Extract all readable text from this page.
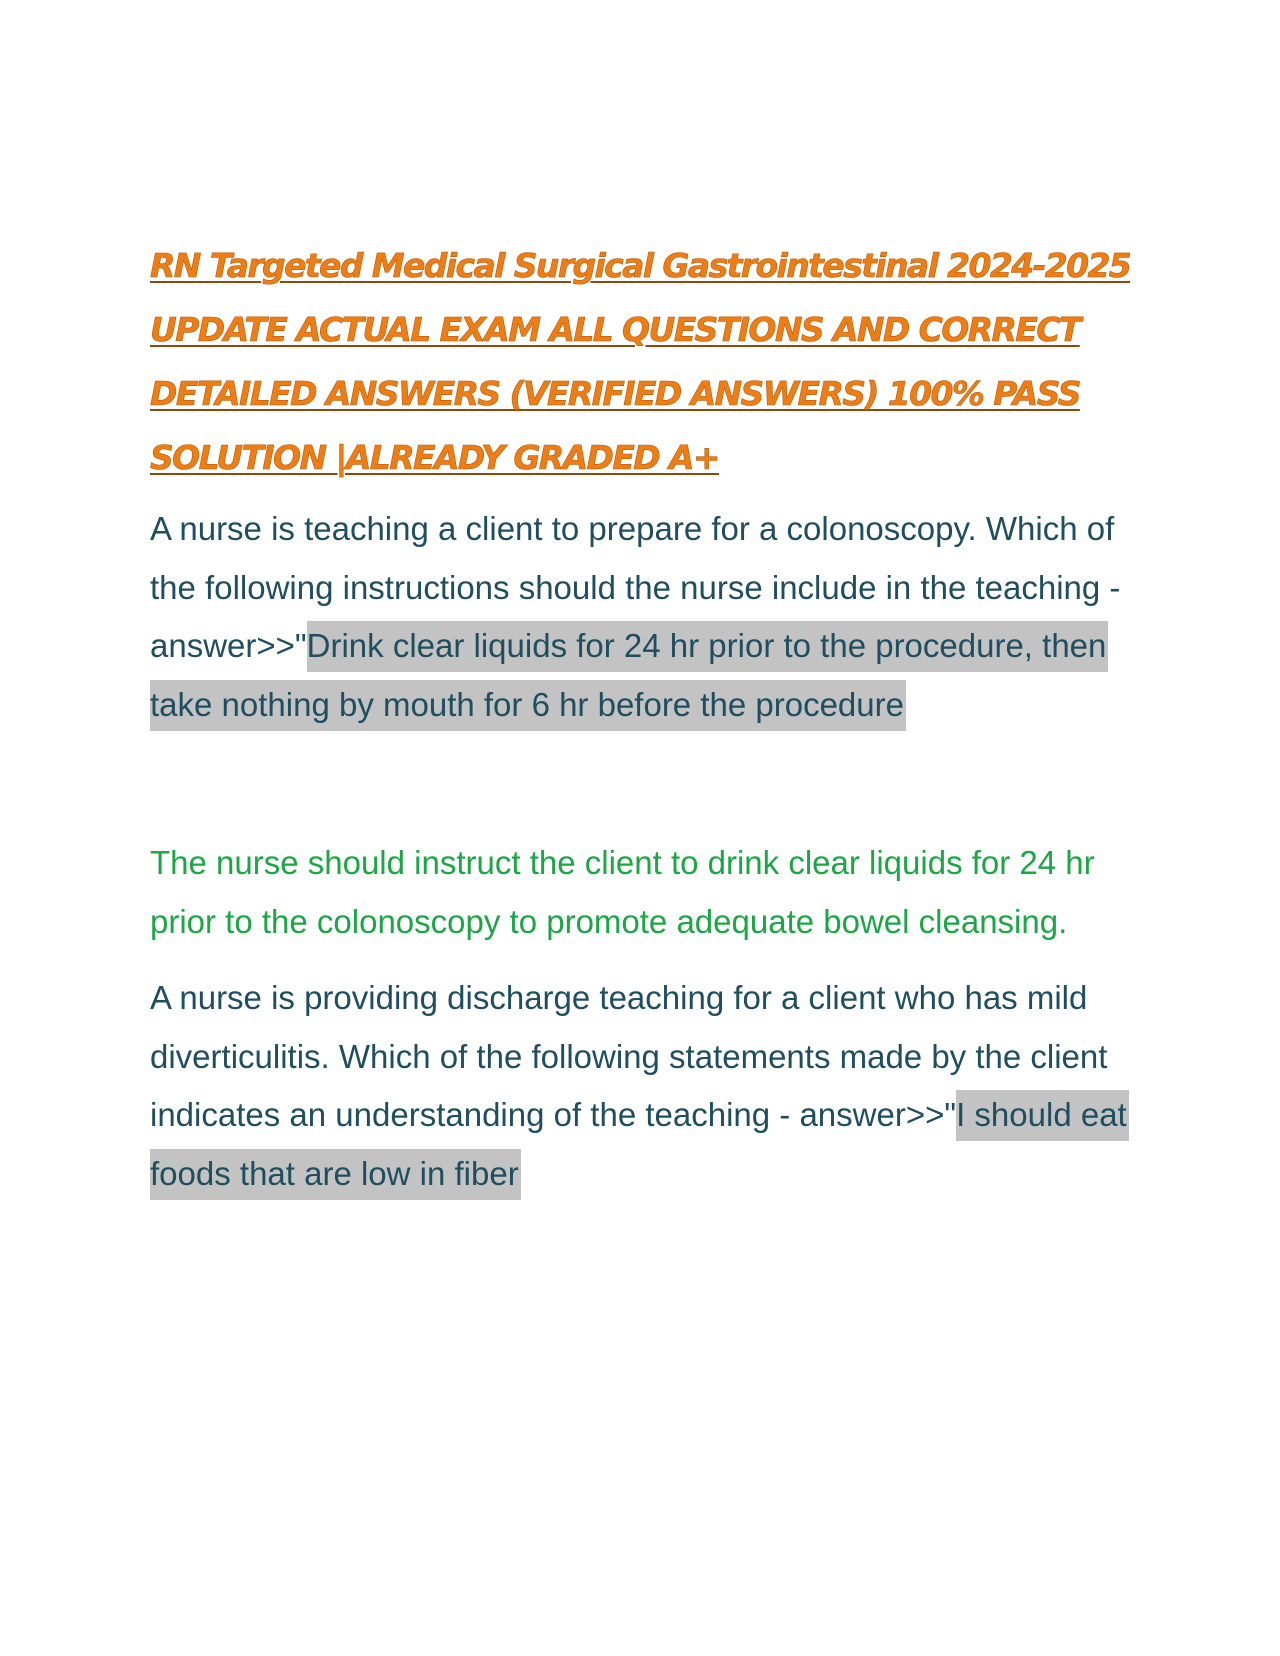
RN Targeted Medical Surgical Gastrointestinal 2024-2025 UPDATE ACTUAL EXAM ALL QUESTIONS AND CORRECT DETAILED ANSWERS (VERIFIED ANSWERS) 100% PASS SOLUTION |ALREADY GRADED A+

A nurse is teaching a client to prepare for a colonoscopy. Which of the following instructions should the nurse include in the teaching - answer>>"Drink clear liquids for 24 hr prior to the procedure, then take nothing by mouth for 6 hr before the procedure

The nurse should instruct the client to drink clear liquids for 24 hr prior to the colonoscopy to promote adequate bowel cleansing.

A nurse is providing discharge teaching for a client who has mild diverticulitis. Which of the following statements made by the client indicates an understanding of the teaching - answer>>"I should eat foods that are low in fiber
